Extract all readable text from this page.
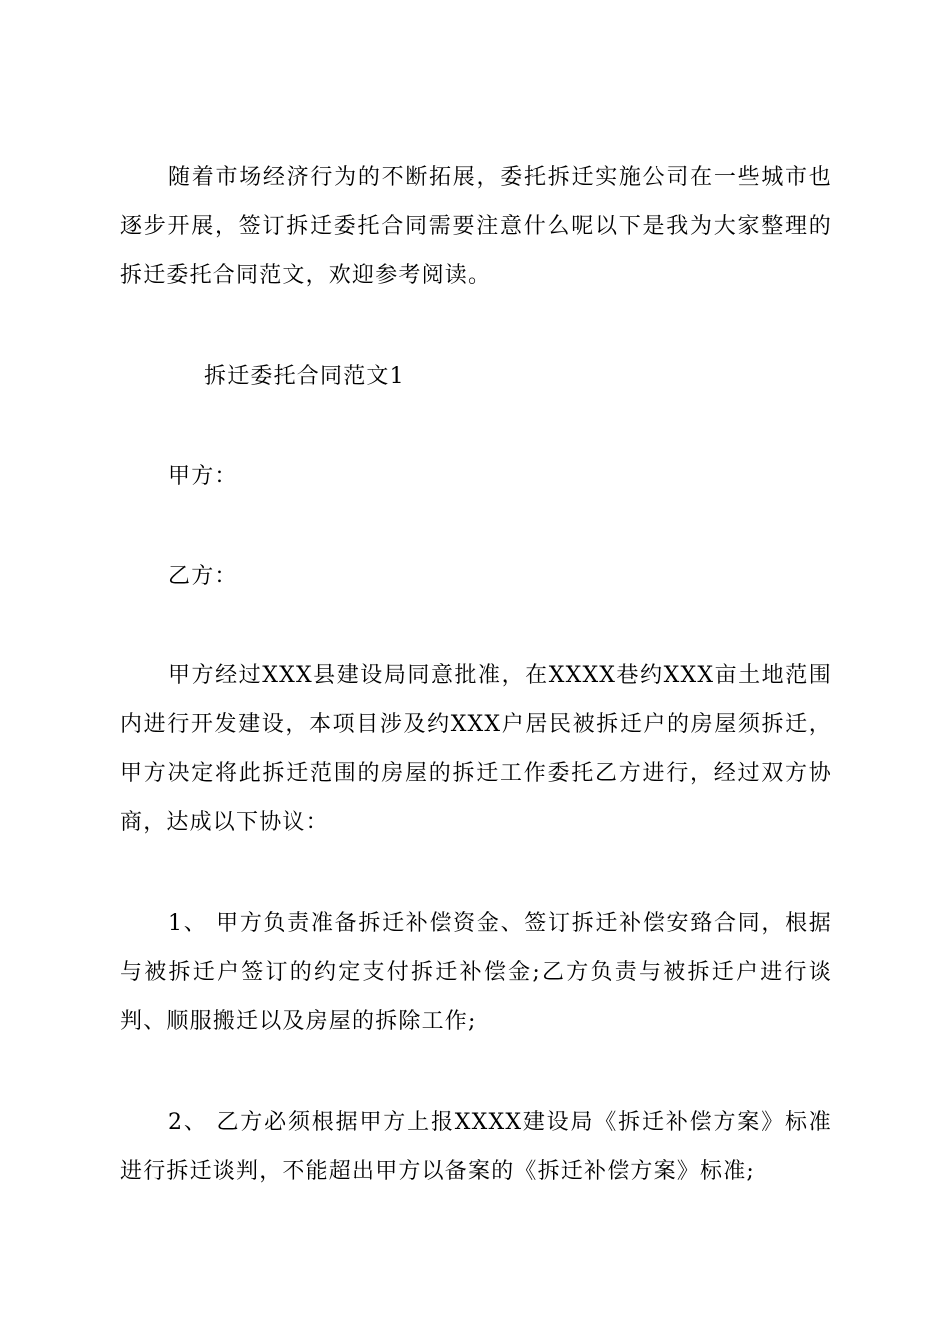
随着市场经济行为的不断拓展，委托拆迁实施公司在一些城市也逐步开展，签订拆迁委托合同需要注意什么呢以下是我为大家整理的拆迁委托合同范文，欢迎参考阅读。

拆迁委托合同范文1

甲方：

乙方：

甲方经过XXX县建设局同意批准，在XXXX巷约XXX亩土地范围内进行开发建设，本项目涉及约XXX户居民被拆迁户的房屋须拆迁，甲方决定将此拆迁范围的房屋的拆迁工作委托乙方进行，经过双方协商，达成以下协议：

1、 甲方负责准备拆迁补偿资金、签订拆迁补偿安臵合同，根据与被拆迁户签订的约定支付拆迁补偿金;乙方负责与被拆迁户进行谈判、顺服搬迁以及房屋的拆除工作;

2、 乙方必须根据甲方上报XXXX建设局《拆迁补偿方案》标准进行拆迁谈判，不能超出甲方以备案的《拆迁补偿方案》标准;
